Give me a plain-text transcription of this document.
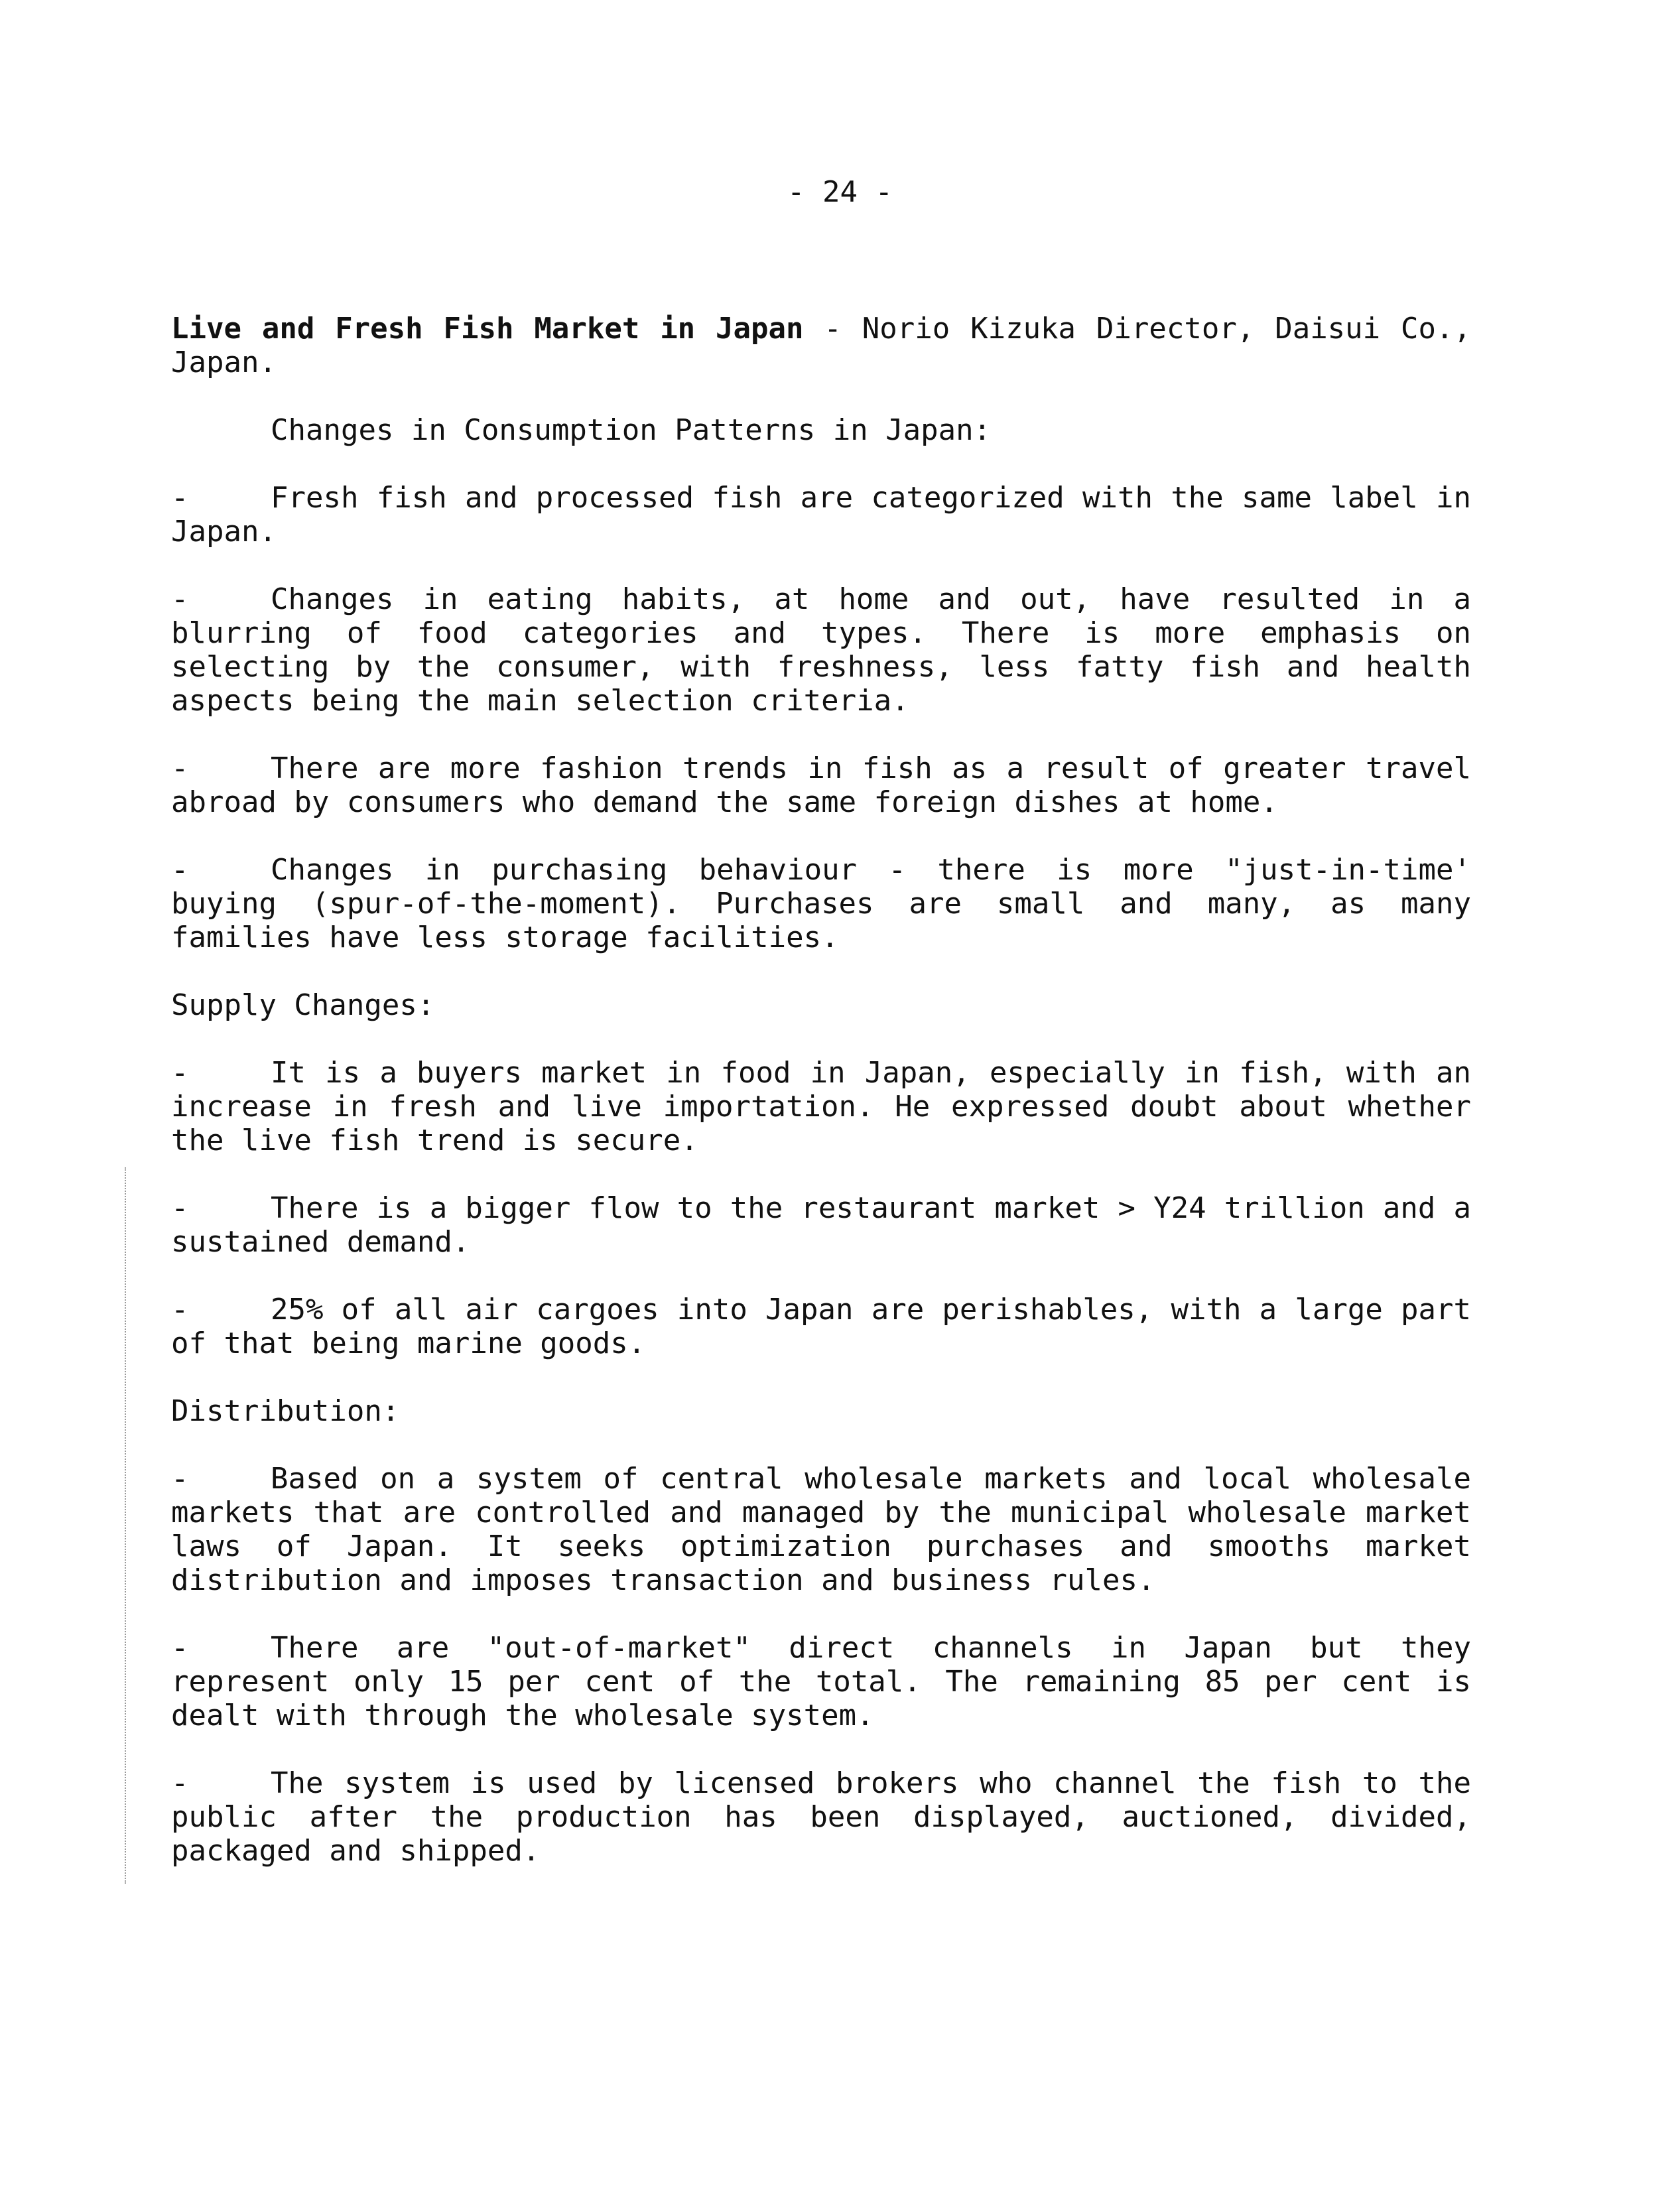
- 24 -

Live and Fresh Fish Market in Japan - Norio Kizuka Director, Daisui Co., Japan.

Changes in Consumption Patterns in Japan:

-	Fresh fish and processed fish are categorized with the same label in Japan.

-	Changes in eating habits, at home and out, have resulted in a blurring of food categories and types. There is more emphasis on selecting by the consumer, with freshness, less fatty fish and health aspects being the main selection criteria.

-	There are more fashion trends in fish as a result of greater travel abroad by consumers who demand the same foreign dishes at home.

-	Changes in purchasing behaviour - there is more "just-in-time' buying (spur-of-the-moment). Purchases are small and many, as many families have less storage facilities.

Supply Changes:

-	It is a buyers market in food in Japan, especially in fish, with an increase in fresh and live importation. He expressed doubt about whether the live fish trend is secure.

-	There is a bigger flow to the restaurant market > Y24 trillion and a sustained demand.

-	25% of all air cargoes into Japan are perishables, with a large part of that being marine goods.

Distribution:

-	Based on a system of central wholesale markets and local wholesale markets that are controlled and managed by the municipal wholesale market laws of Japan. It seeks optimization purchases and smooths market distribution and imposes transaction and business rules.

-	There are "out-of-market" direct channels in Japan but they represent only 15 per cent of the total. The remaining 85 per cent is dealt with through the wholesale system.

-	The system is used by licensed brokers who channel the fish to the public after the production has been displayed, auctioned, divided, packaged and shipped.
